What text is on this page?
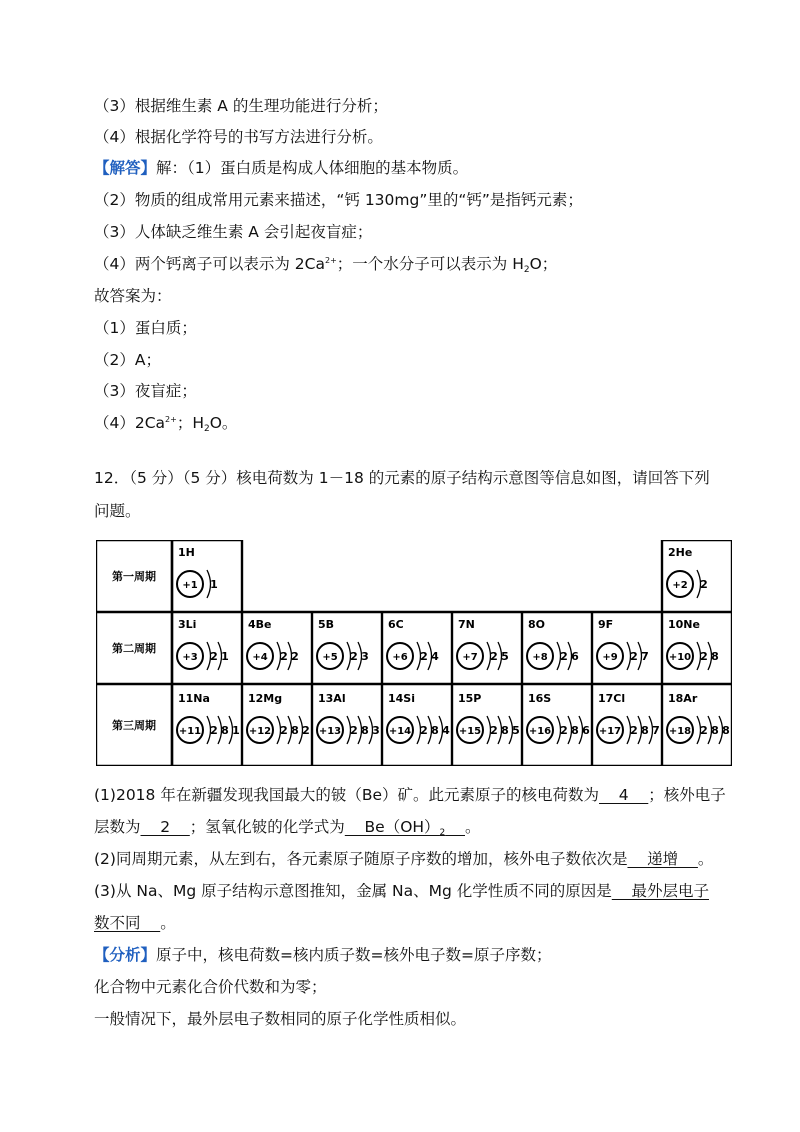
（3）根据维生素 A 的生理功能进行分析；
（4）根据化学符号的书写方法进行分析。
【解答】解：（1）蛋白质是构成人体细胞的基本物质。
（2）物质的组成常用元素来描述，“钙 130mg”里的“钙”是指钙元素；
（3）人体缺乏维生素 A 会引起夜盲症；
（4）两个钙离子可以表示为 $2Ca^{2+}$；一个水分子可以表示为 $H_2O$；
故答案为：
（1）蛋白质；
（2）A；
（3）夜盲症；
$(4)2Ca^{2+}$；$H_2O$。
12．（5 分）（5 分）核电荷数为 1－18 的元素的原子结构示意图等信息如图，请回答下列
问题。
第一周期
第二周期
第三周期
1H
+1 1
2He
+2 2
3Li
+3 2 1
4Be
+4 2 2
5B
+5 2 3
6C
+6 2 4
7N
+7 2 5
8O
+8 2 6
9F
+9 2 7
10Ne
+10 2 8
11Na
+11 2 8 1
12Mg
+12 2 8 2
13Al
+13 2 8 3
14Si
+14 2 8 4
15P
+15 2 8 5
16S
+16 2 8 6
17Cl
+17 2 8 7
18Ar
+18 2 8 8
(1)2018 年在新疆发现我国最大的铍（Be）矿。此元素原子的核电荷数为    4    ；核外电子
层数为    2    ；氢氧化铍的化学式为    $Be(OH)_2$ 。
(2)同周期元素，从左到右，各元素原子随原子序数的增加，核外电子数依次是    递增    。
(3)从 Na、Mg 原子结构示意图推知，金属 Na、Mg 化学性质不同的原因是    最外层电子
数不同    。
【分析】原子中，核电荷数=核内质子数=核外电子数=原子序数；
化合物中元素化合价代数和为零；
一般情况下，最外层电子数相同的原子化学性质相似。
